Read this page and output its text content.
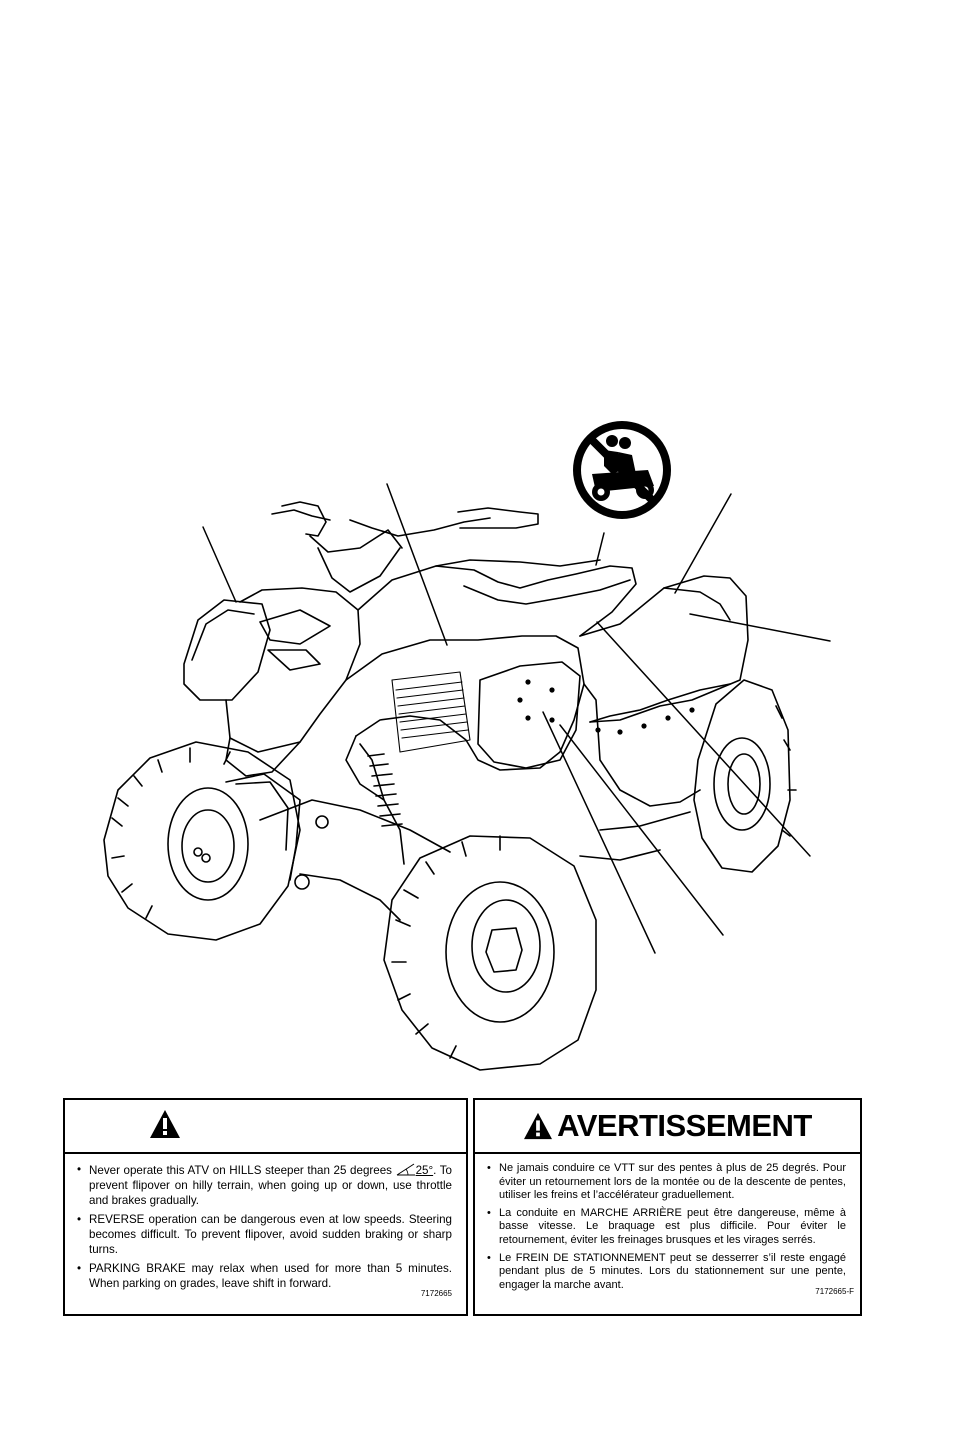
• Never operate this ATV on HILLS steeper than 25 degrees 25°. To prevent flipover on hilly terrain, when going up or down, use throttle and brakes gradually.
• REVERSE operation can be dangerous even at low speeds. Steering becomes difficult. To prevent flipover, avoid sudden braking or sharp turns.
• PARKING BRAKE may relax when used for more than 5 minutes. When parking on grades, leave shift in forward.
7172665
AVERTISSEMENT
• Ne jamais conduire ce VTT sur des pentes à plus de 25 degrés. Pour éviter un retournement lors de la montée ou de la descente de pentes, utiliser les freins et l’accélérateur graduellement.
• La conduite en MARCHE ARRIÈRE peut être dangereuse, même à basse vitesse. Le braquage est plus difficile. Pour éviter le retournement, éviter les freinages brusques et les virages serrés.
• Le FREIN DE STATIONNEMENT peut se desserrer s’il reste engagé pendant plus de 5 minutes. Lors du stationnement sur une pente, engager la marche avant.
7172665-F
